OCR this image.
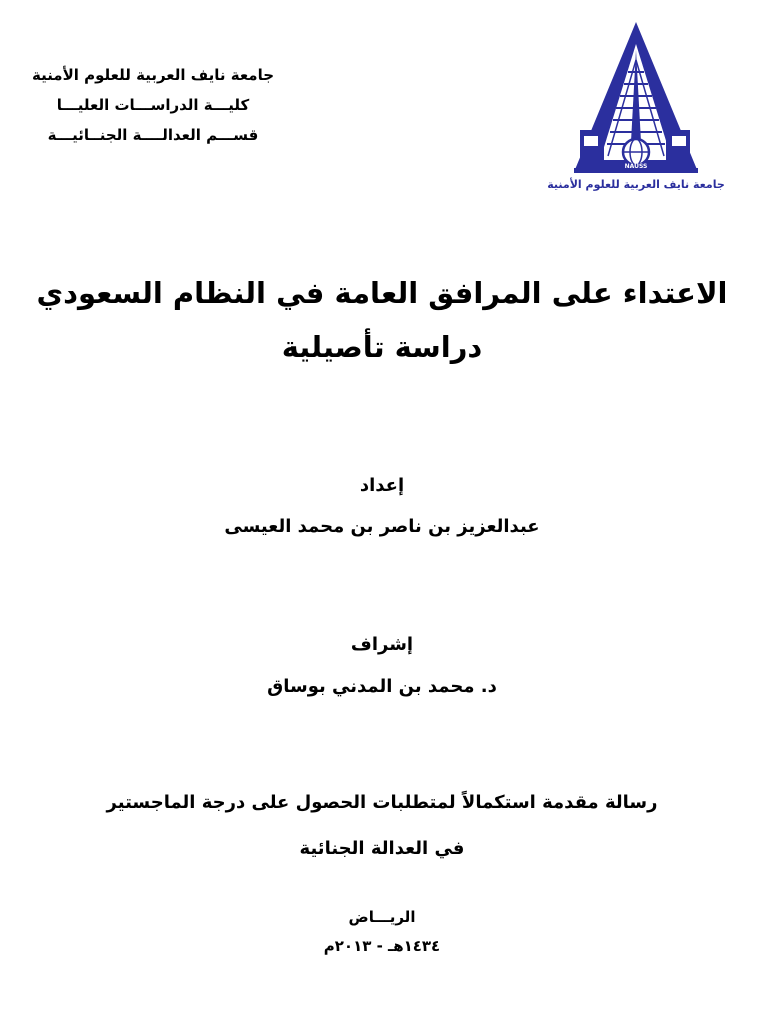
جامعة نايف العربية للعلوم الأمنية
كليـــة الدراســـات العليـــا
قســـم العدالــــة الجنــائيـــة
NAUSS
جامعة نايف العربية للعلوم الأمنية
الاعتداء على المرافق العامة في النظام السعودي
دراسة تأصيلية
إعداد
عبدالعزيز بن ناصر بن محمد العيسى
إشراف
د. محمد بن المدني بوساق
رسالة مقدمة استكمالاً لمتطلبات الحصول على درجة الماجستير
في العدالة الجنائية
الريـــاض
١٤٣٤هـ - ٢٠١٣م
